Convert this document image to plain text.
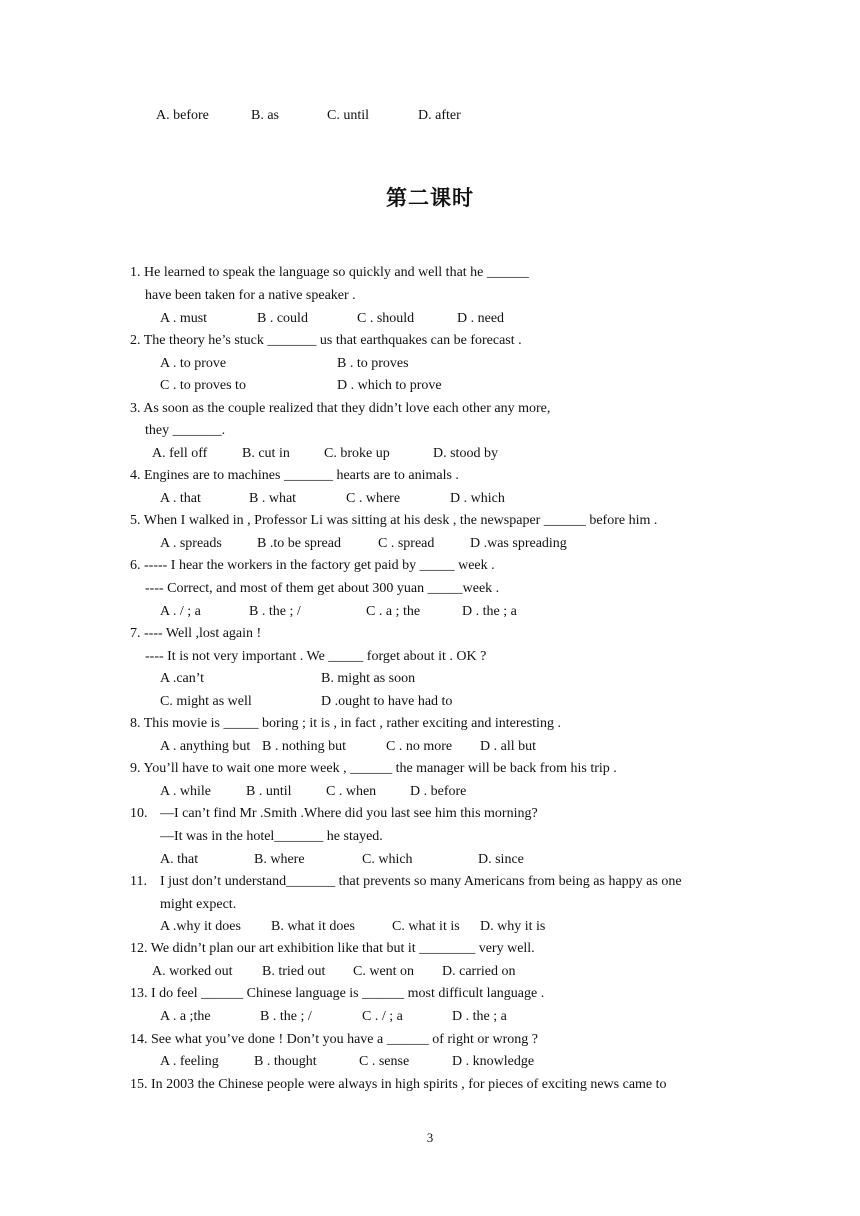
A. before	B. as	C. until	D. after
第二课时
1. He learned to speak the language so quickly and well that he ______
have been taken for a native speaker .
A . must	B . could	C . should	D . need
2. The theory he’s stuck _______ us that earthquakes can be forecast .
A . to prove	B . to proves
C . to proves to	D . which to prove
3. As soon as the couple realized that they didn’t love each other any more,
they _______.
A. fell off B. cut in C. broke up	D. stood by
4. Engines are to machines _______ hearts are to animals .
A . that	B . what	C . where	D . which
5. When I walked in , Professor Li was sitting at his desk , the newspaper ______ before him .
A . spreads	B .to be spread	C . spread	D .was spreading
6. ----- I hear the workers in the factory get paid by _____ week .
---- Correct, and most of them get about 300 yuan _____week .
A . / ; a	B . the ; /	C . a ; the	D . the ; a
7. ---- Well ,lost again !
---- It is not very important . We _____ forget about it . OK ?
A .can’t	B. might as soon
C. might as well	D .ought to have had to
8. This movie is _____ boring ; it is , in fact , rather exciting and interesting .
A . anything but B . nothing but	C . no more D . all but
9. You’ll have to wait one more week , ______ the manager will be back from his trip .
A . while	B . until C . when D . before
10. —I can’t find Mr .Smith .Where did you last see him this morning?
—It was in the hotel_______ he stayed.
A. that	B. where	C. which	D. since
11. I just don’t understand_______ that prevents so many Americans from being as happy as one
might expect.
A .why it does B. what it does	C. what it is D. why it is
12. We didn’t plan our art exhibition like that but it ________ very well.
A. worked out B. tried out C. went on D. carried on
13. I do feel ______ Chinese language is ______ most difficult language .
A . a ;the	B . the ; /	C . / ; a	D . the ; a
14. See what you’ve done ! Don’t you have a ______ of right or wrong ?
A . feeling	B . thought	C . sense	D . knowledge
15. In 2003 the Chinese people were always in high spirits , for pieces of exciting news came to
3
